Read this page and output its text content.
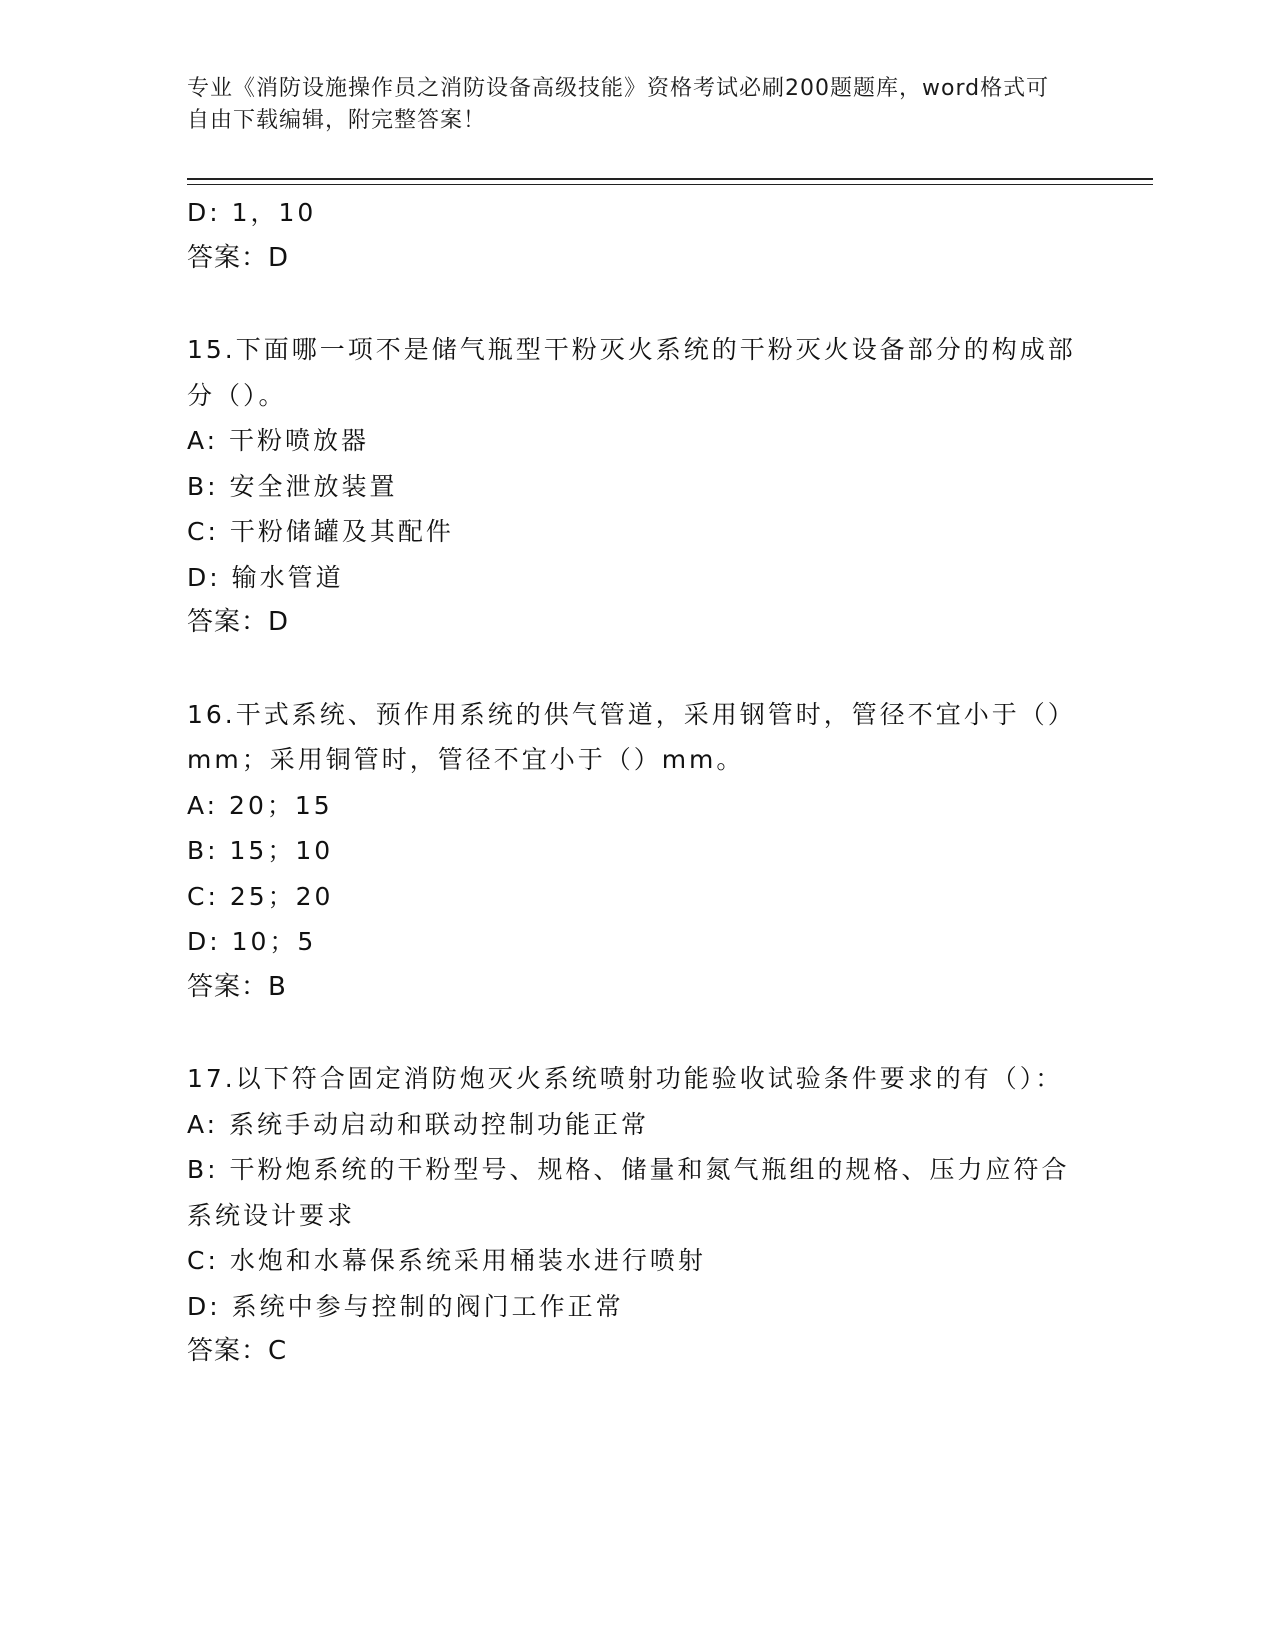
专业《消防设施操作员之消防设备高级技能》资格考试必刷200题题库，word格式可自由下载编辑，附完整答案！
D: 1，10
答案：D
15.下面哪一项不是储气瓶型干粉灭火系统的干粉灭火设备部分的构成部分（）。
A: 干粉喷放器
B: 安全泄放装置
C: 干粉储罐及其配件
D: 输水管道
答案：D
16.干式系统、预作用系统的供气管道，采用钢管时，管径不宜小于（）mm；采用铜管时，管径不宜小于（）mm。
A: 20；15
B: 15；10
C: 25；20
D: 10；5
答案：B
17.以下符合固定消防炮灭火系统喷射功能验收试验条件要求的有（）：
A: 系统手动启动和联动控制功能正常
B: 干粉炮系统的干粉型号、规格、储量和氮气瓶组的规格、压力应符合系统设计要求
C: 水炮和水幕保系统采用桶装水进行喷射
D: 系统中参与控制的阀门工作正常
答案：C
